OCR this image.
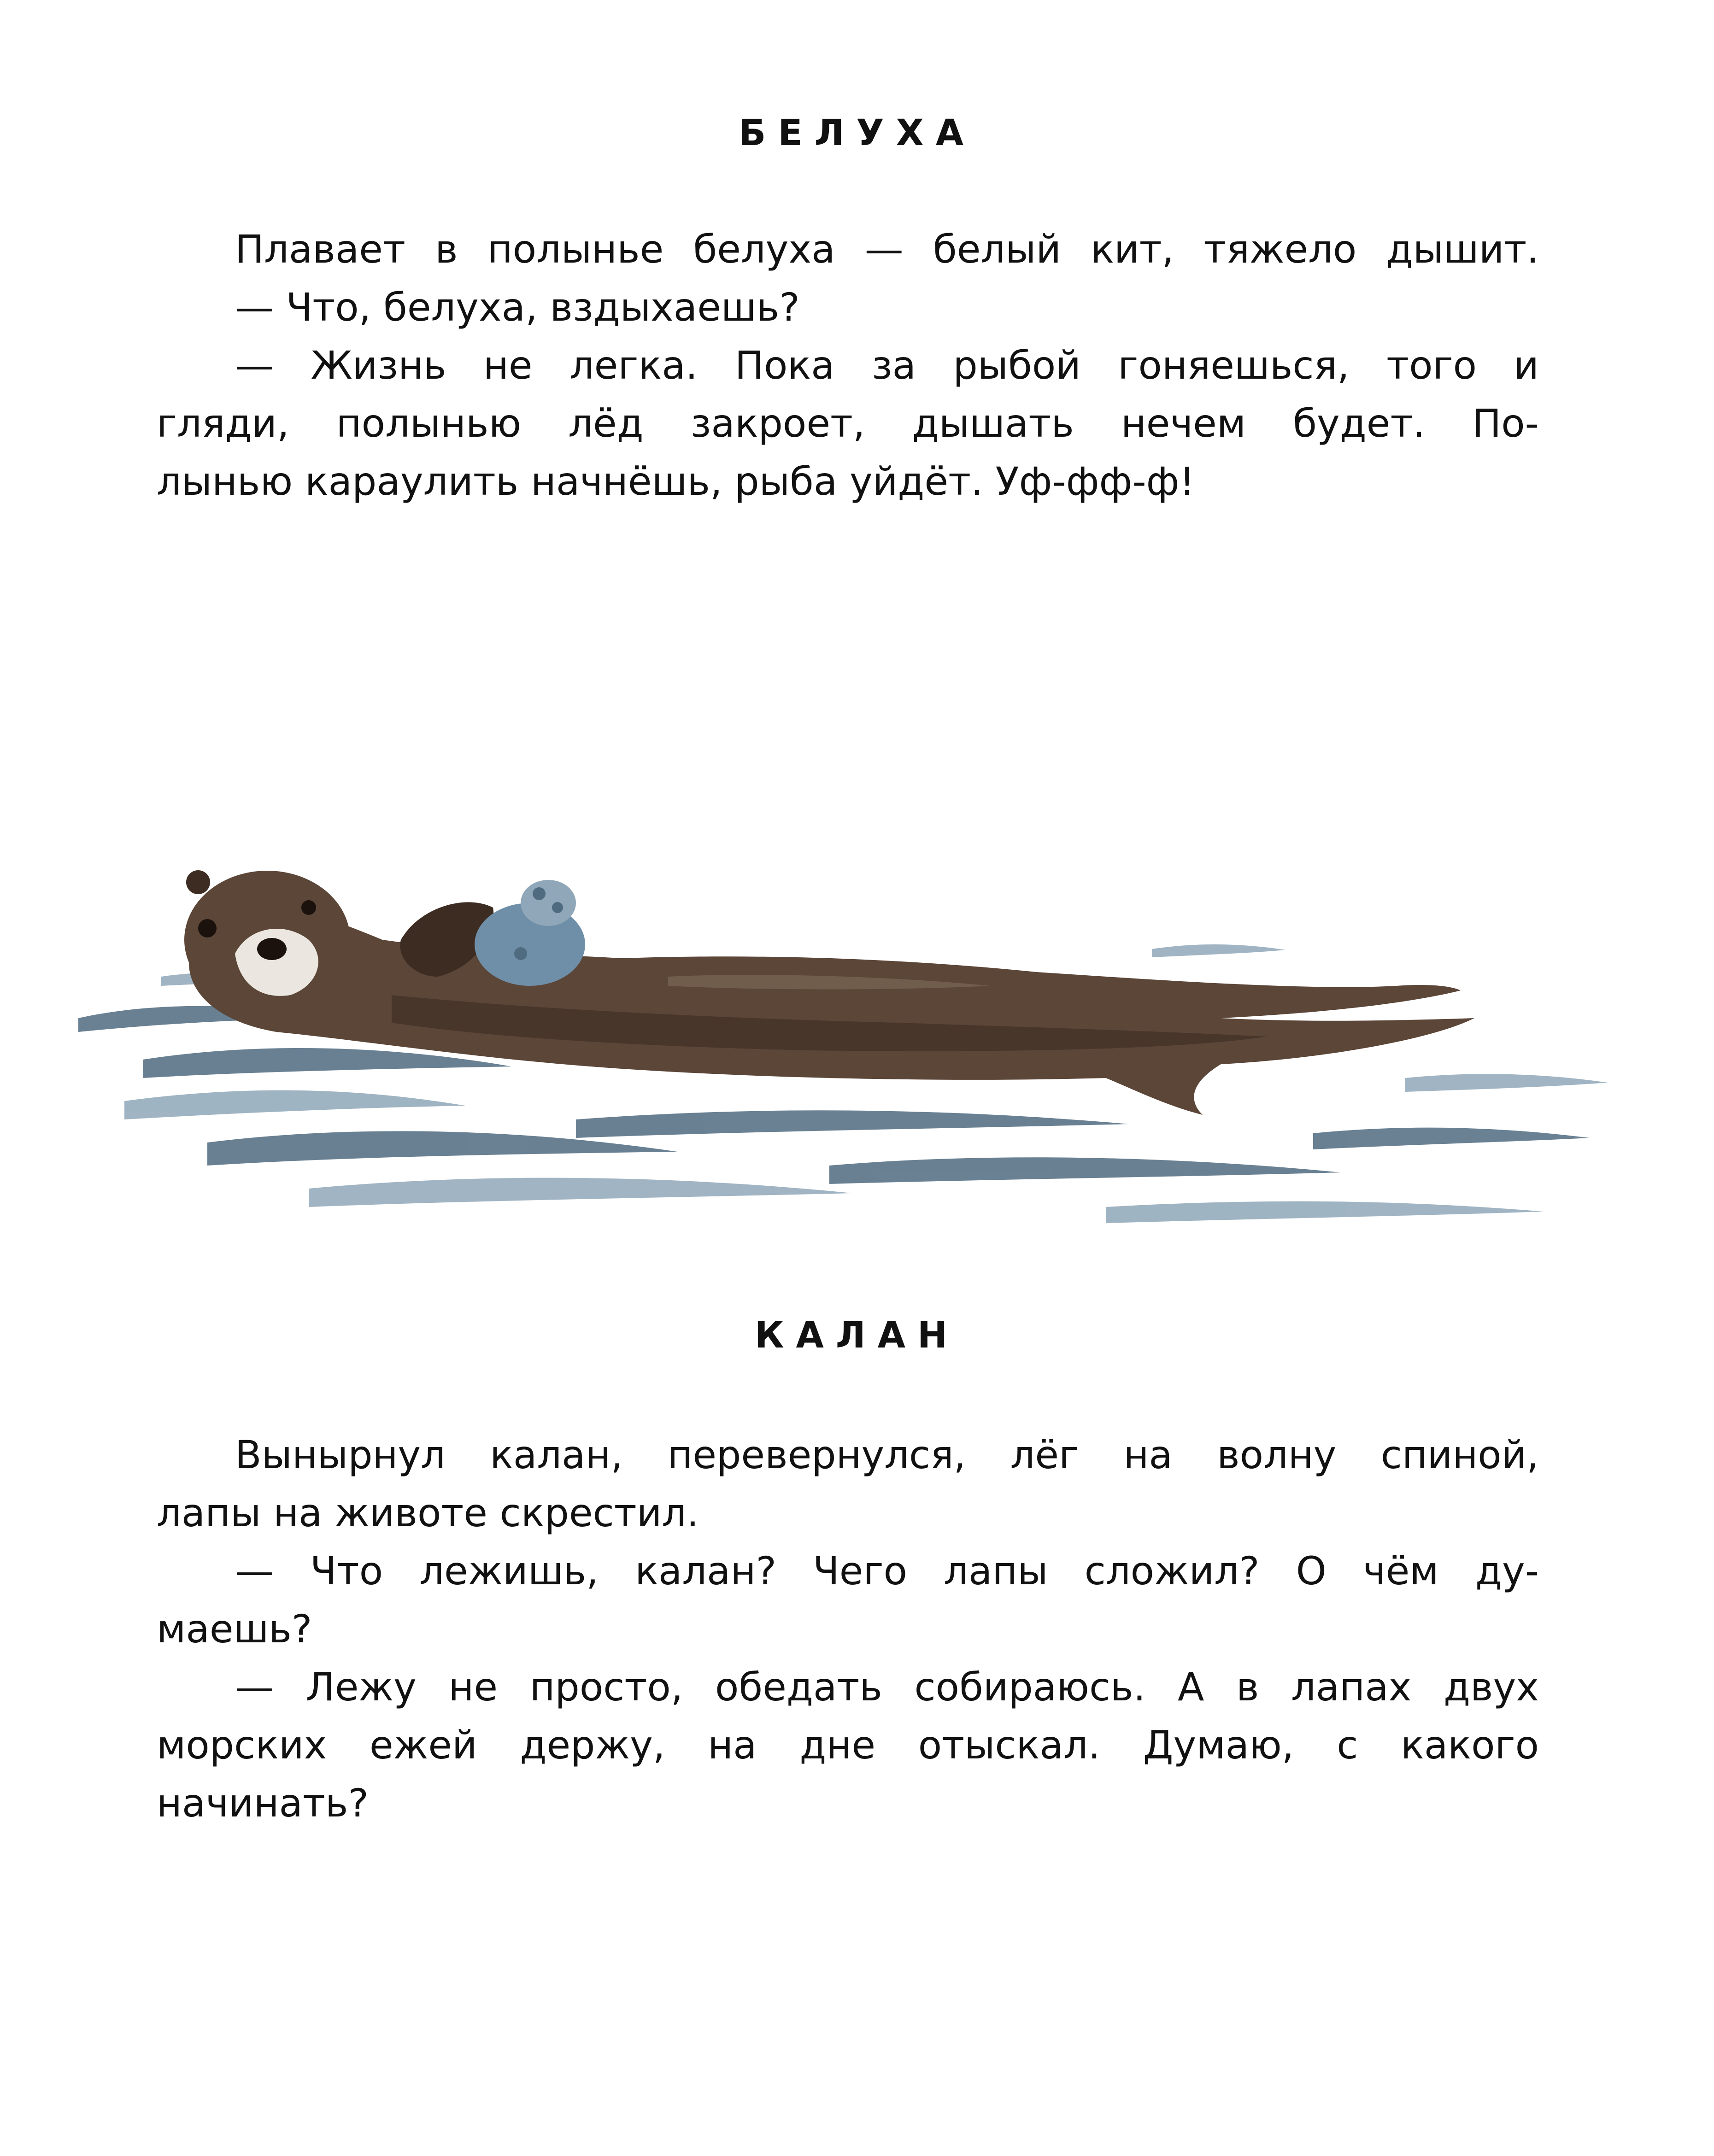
БЕЛУХА
Плавает в полынье белуха — белый кит, тяжело дышит.
— Что, белуха, вздыхаешь?
— Жизнь не легка. Пока за рыбой гоняешься, того и
гляди, полынью лёд закроет, дышать нечем будет. По-
лынью караулить начнёшь, рыба уйдёт. Уф-фф-ф!
КАЛАН
Вынырнул калан, перевернулся, лёг на волну спиной,
лапы на животе скрестил.
— Что лежишь, калан? Чего лапы сложил? О чём ду-
маешь?
— Лежу не просто, обедать собираюсь. А в лапах двух
морских ежей держу, на дне отыскал. Думаю, с какого
начинать?
